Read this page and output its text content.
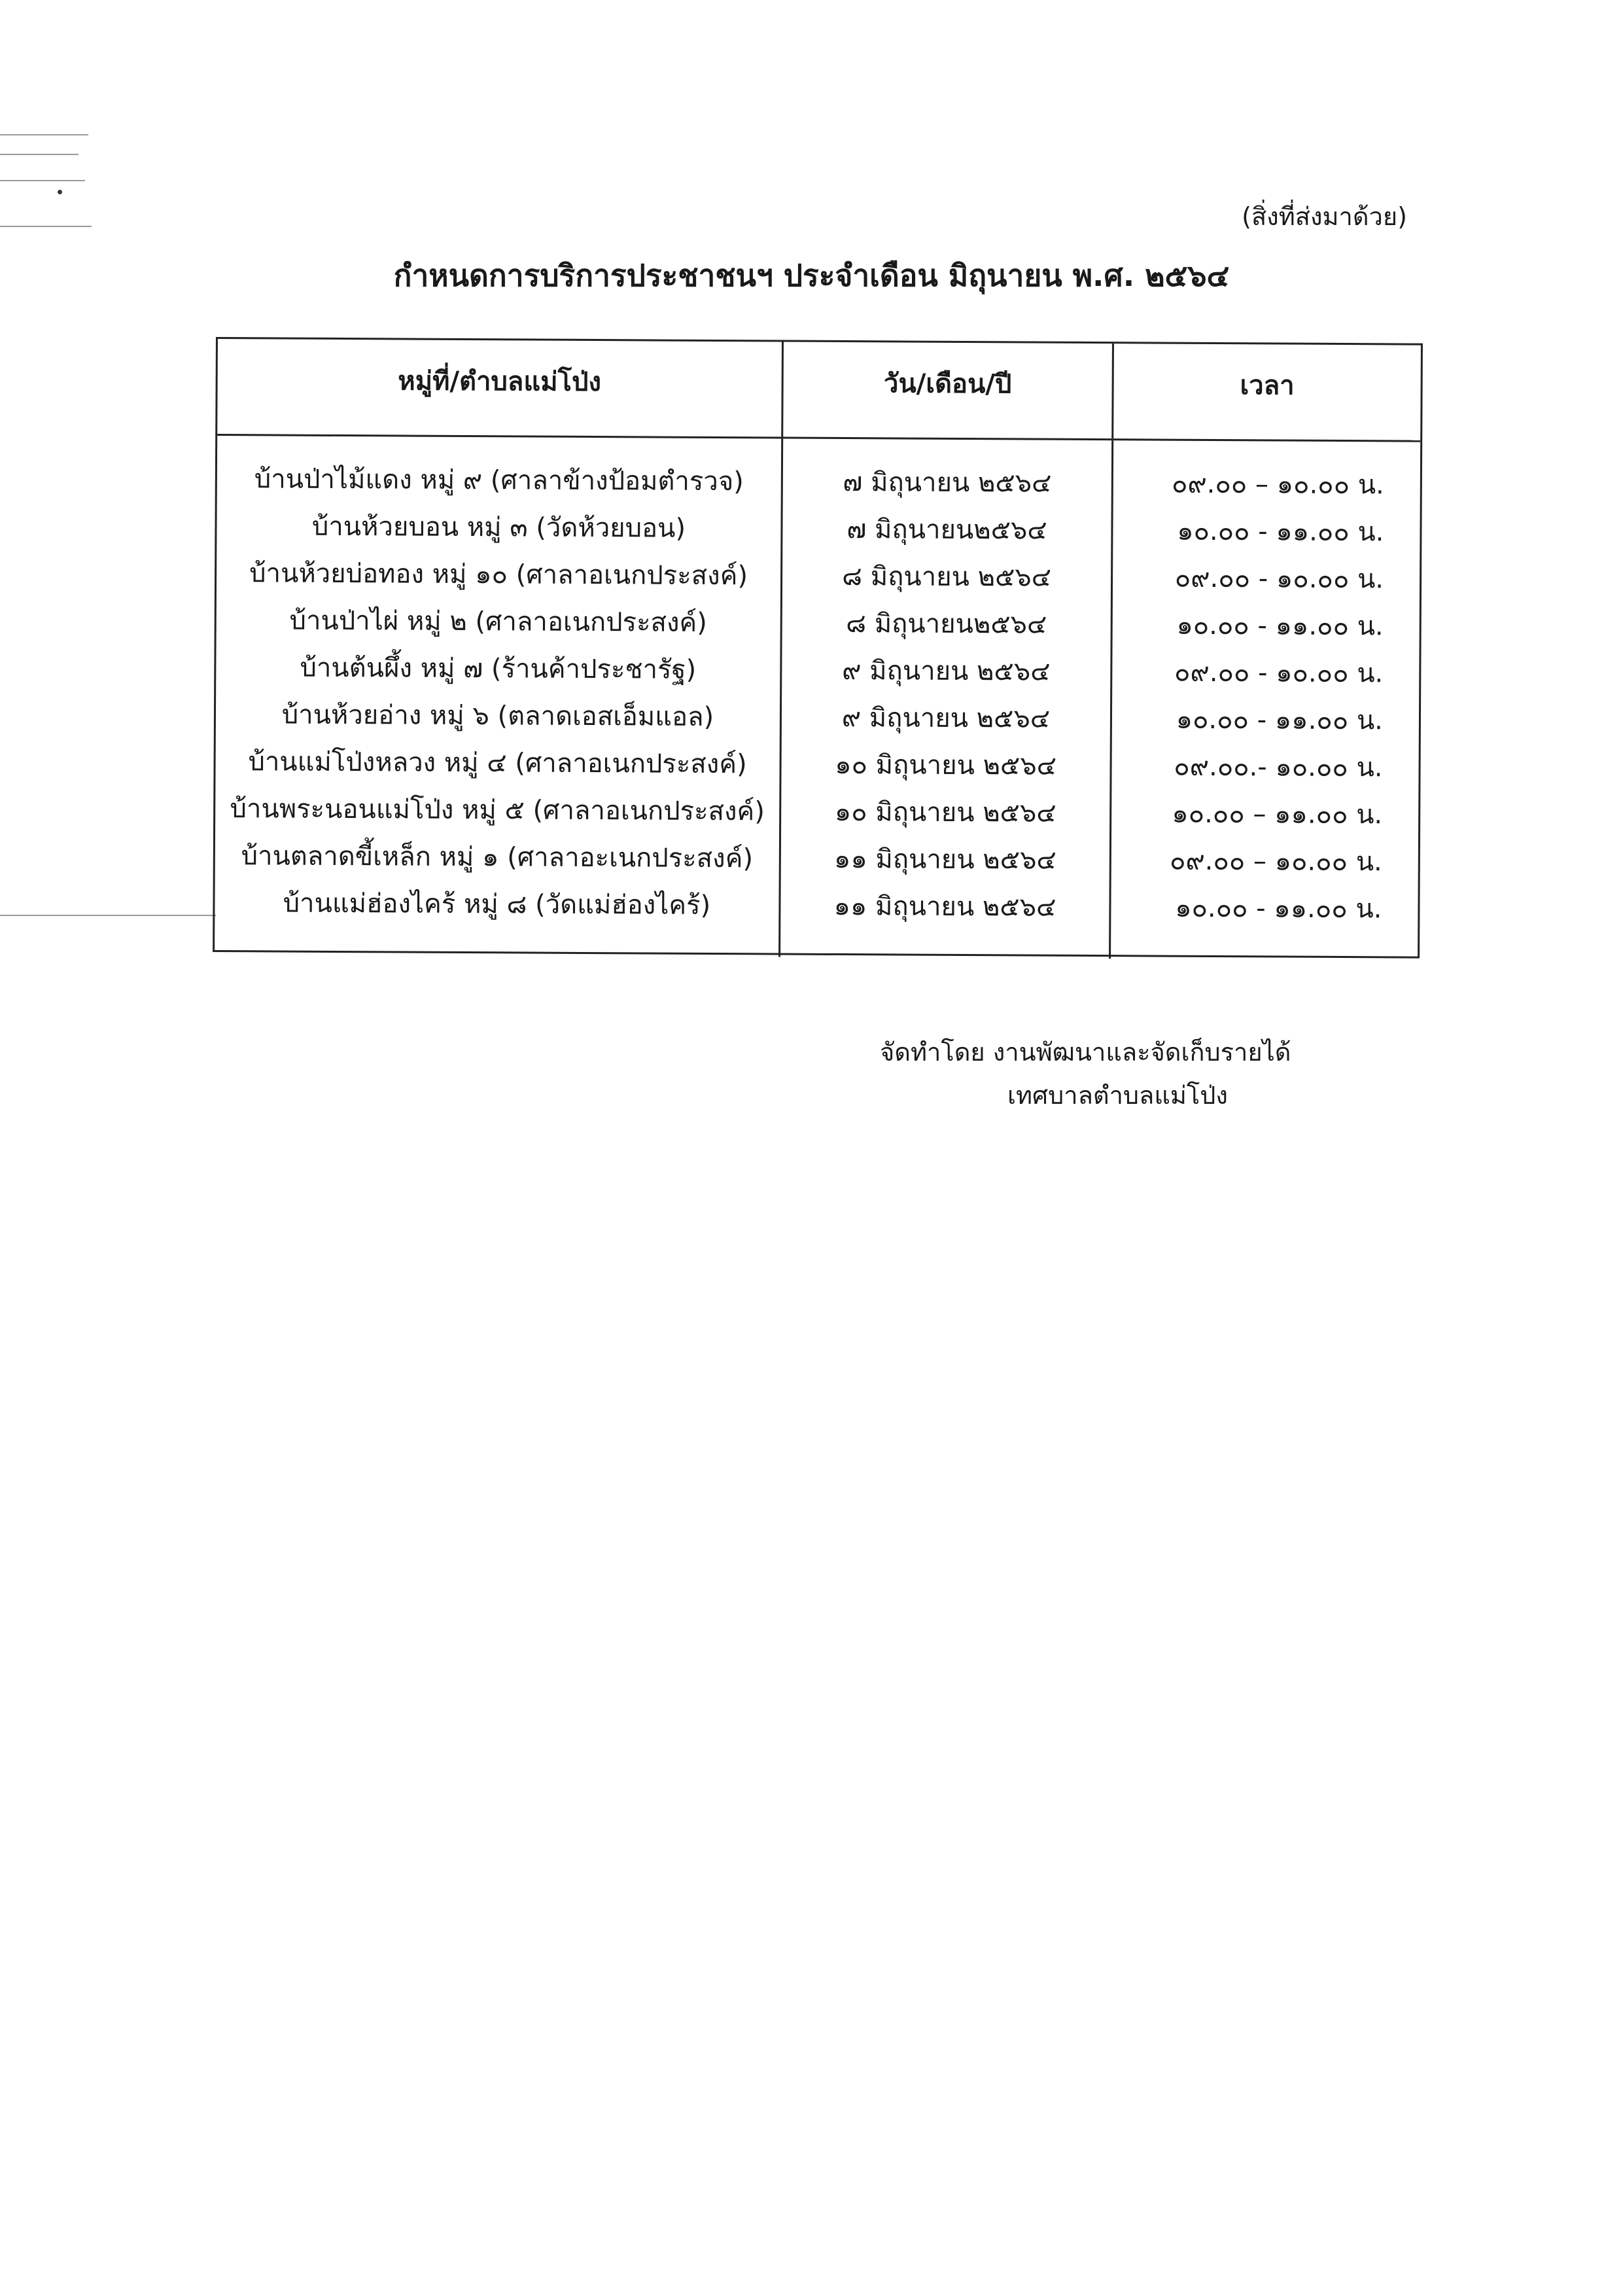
(สิ่งที่ส่งมาด้วย)
กำหนดการบริการประชาชนฯ ประจำเดือน มิถุนายน พ.ศ. ๒๕๖๔
หมู่ที่/ตำบลแม่โป่ง	วัน/เดือน/ปี	เวลา
บ้านป่าไม้แดง หมู่ ๙ (ศาลาข้างป้อมตำรวจ)
บ้านห้วยบอน หมู่ ๓ (วัดห้วยบอน)
บ้านห้วยบ่อทอง หมู่ ๑๐ (ศาลาอเนกประสงค์)
บ้านป่าไผ่ หมู่ ๒ (ศาลาอเนกประสงค์)
บ้านต้นผึ้ง หมู่ ๗ (ร้านค้าประชารัฐ)
บ้านห้วยอ่าง หมู่ ๖ (ตลาดเอสเอ็มแอล)
บ้านแม่โป่งหลวง หมู่ ๔ (ศาลาอเนกประสงค์)
บ้านพระนอนแม่โป่ง หมู่ ๕ (ศาลาอเนกประสงค์)
บ้านตลาดขี้เหล็ก หมู่ ๑ (ศาลาอะเนกประสงค์)
บ้านแม่ฮ่องไคร้ หมู่ ๘ (วัดแม่ฮ่องไคร้)
๗ มิถุนายน ๒๕๖๔
๗ มิถุนายน๒๕๖๔
๘ มิถุนายน ๒๕๖๔
๘ มิถุนายน๒๕๖๔
๙ มิถุนายน ๒๕๖๔
๙ มิถุนายน ๒๕๖๔
๑๐ มิถุนายน ๒๕๖๔
๑๐ มิถุนายน ๒๕๖๔
๑๑ มิถุนายน ๒๕๖๔
๑๑ มิถุนายน ๒๕๖๔
๐๙.๐๐ – ๑๐.๐๐ น.
๑๐.๐๐ - ๑๑.๐๐ น.
๐๙.๐๐ - ๑๐.๐๐ น.
๑๐.๐๐ - ๑๑.๐๐ น.
๐๙.๐๐ - ๑๐.๐๐ น.
๑๐.๐๐ - ๑๑.๐๐ น.
๐๙.๐๐.- ๑๐.๐๐ น.
๑๐.๐๐ – ๑๑.๐๐ น.
๐๙.๐๐ – ๑๐.๐๐ น.
๑๐.๐๐ - ๑๑.๐๐ น.
จัดทำโดย งานพัฒนาและจัดเก็บรายได้
เทศบาลตำบลแม่โป่ง
